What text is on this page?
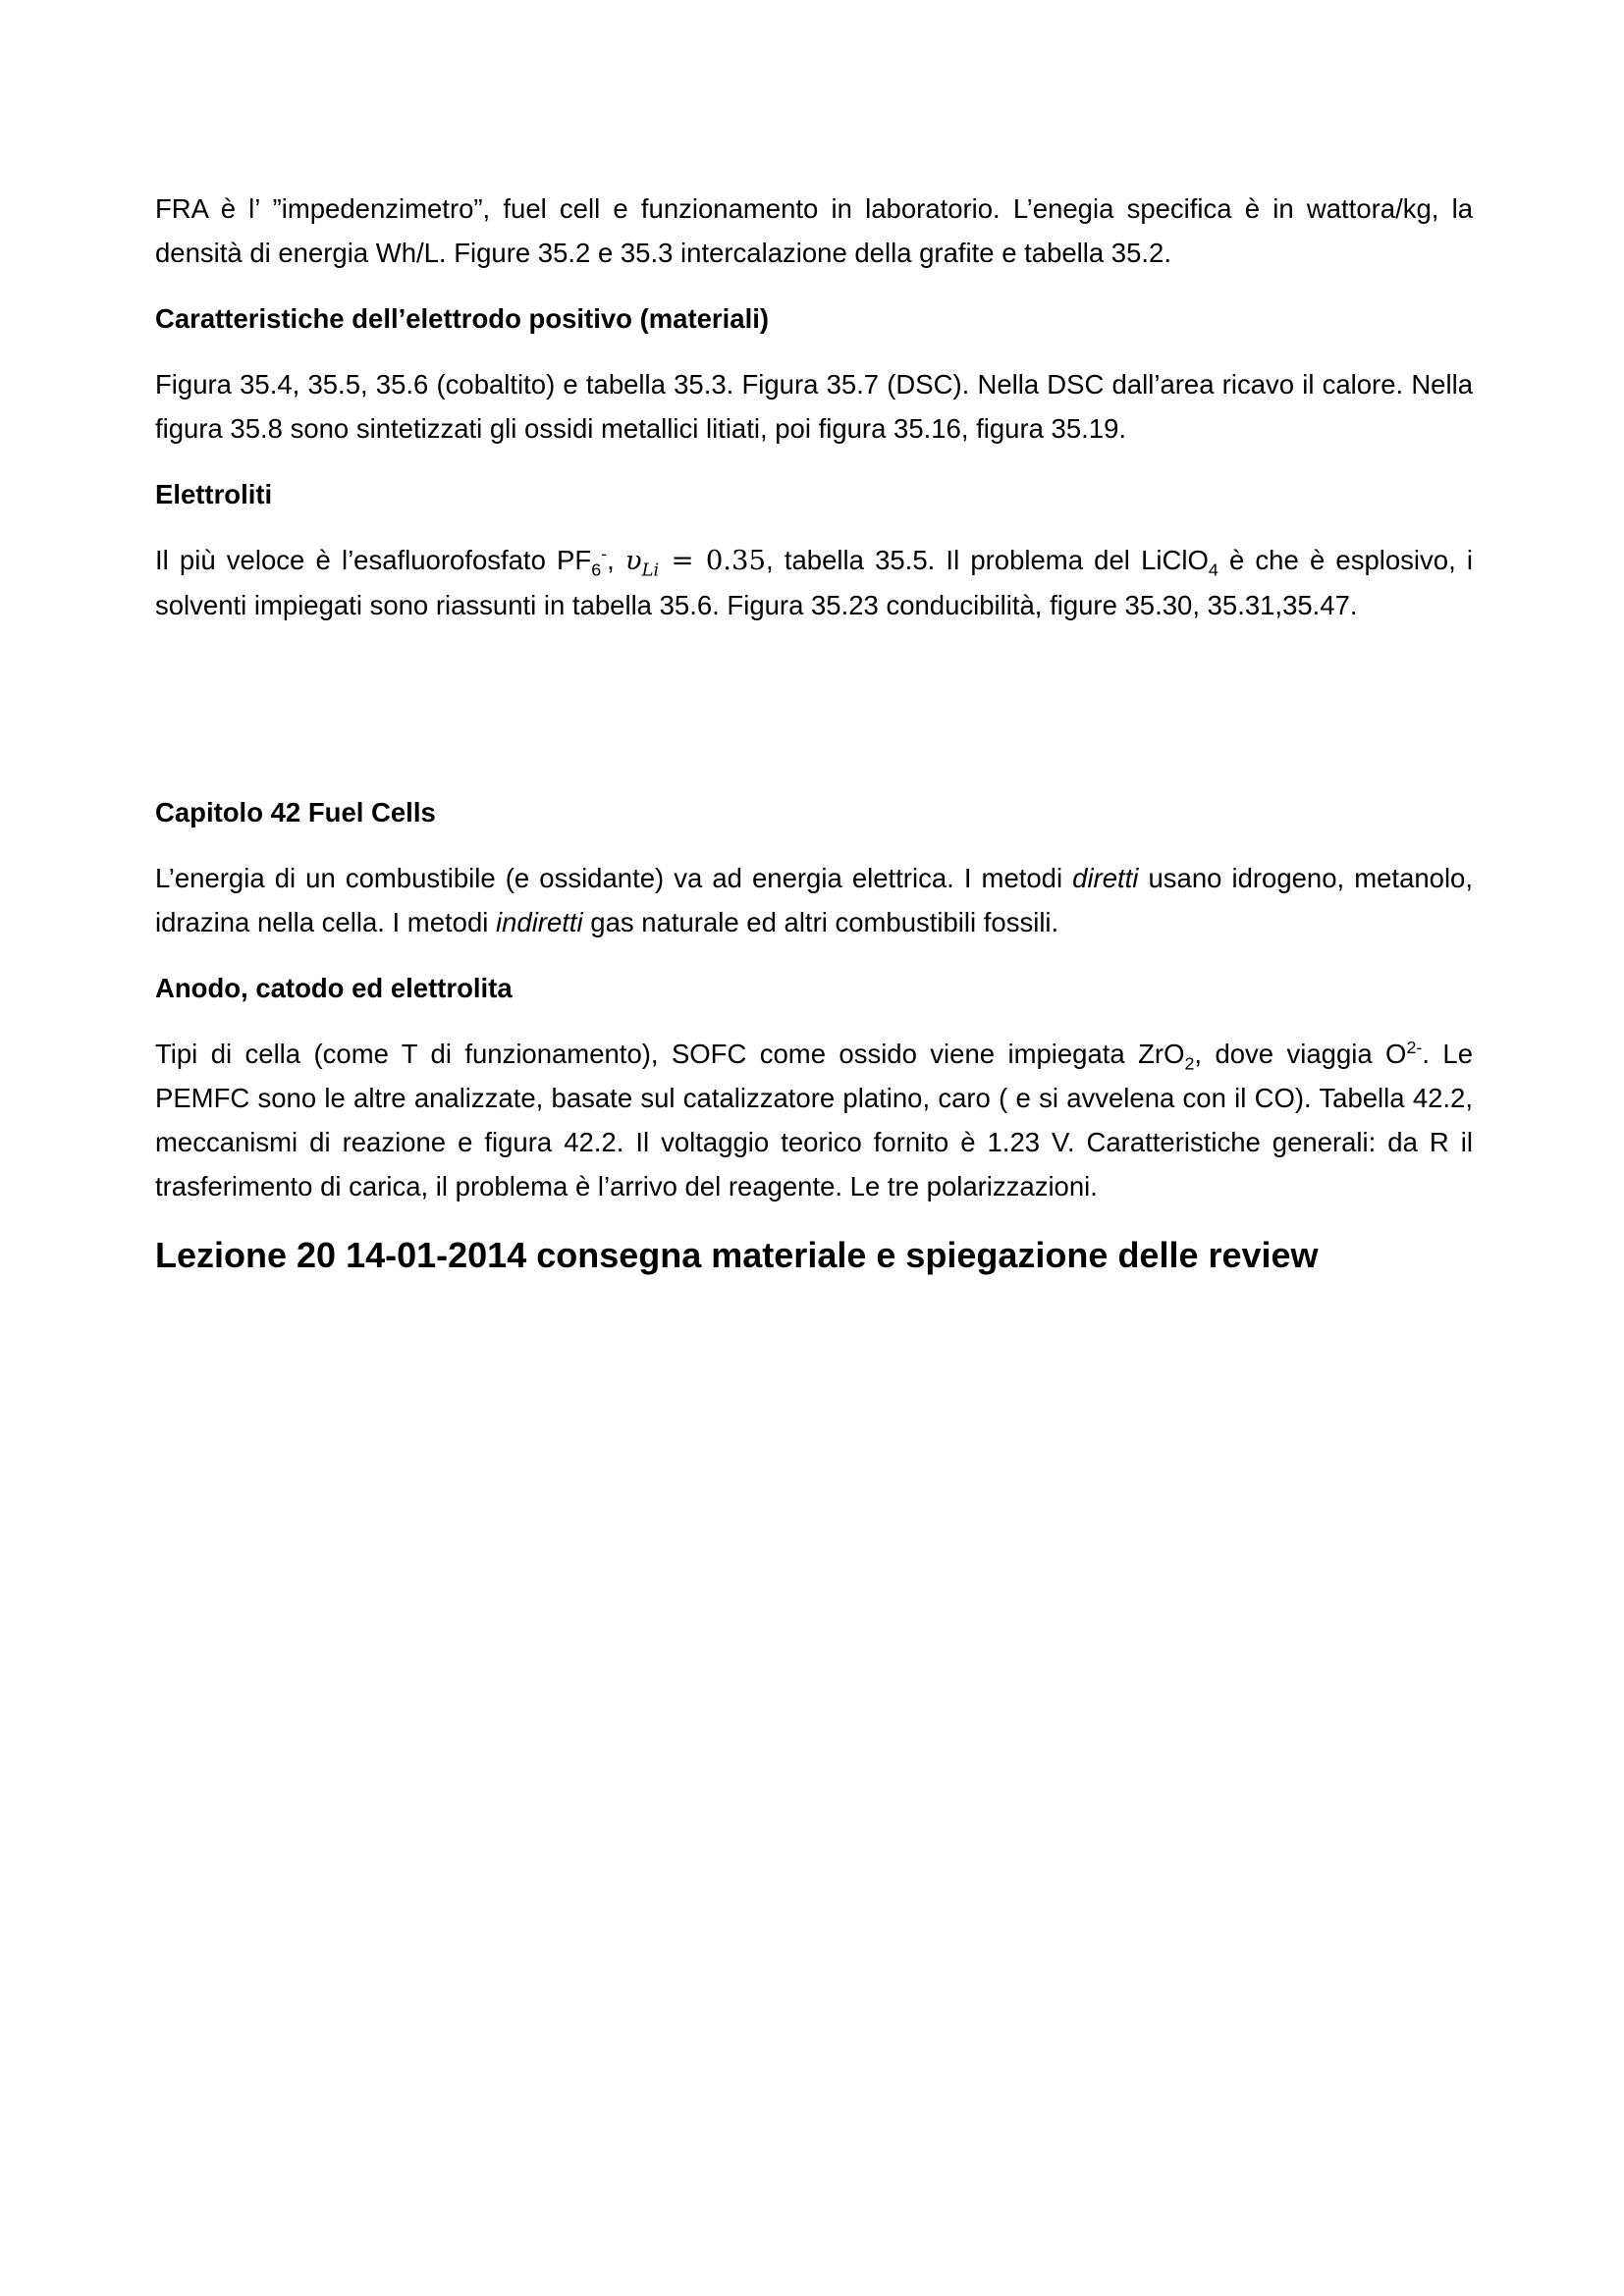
FRA è l’ ”impedenzimetro”, fuel cell e funzionamento in laboratorio. L’enegia specifica è in wattora/kg, la densità di energia Wh/L. Figure 35.2 e 35.3 intercalazione della grafite e tabella 35.2.

Caratteristiche dell’elettrodo positivo (materiali)

Figura 35.4, 35.5, 35.6 (cobaltito) e tabella 35.3. Figura 35.7 (DSC). Nella DSC dall’area ricavo il calore. Nella figura 35.8 sono sintetizzati gli ossidi metallici litiati, poi figura 35.16, figura 35.19.

Elettroliti

Il più veloce è l’esafluorofosfato $PF_6^-$, $\upsilon_{Li} = 0.35$, tabella 35.5. Il problema del LiClO$_4$ è che è esplosivo, i solventi impiegati sono riassunti in tabella 35.6. Figura 35.23 conducibilità, figure 35.30, 35.31,35.47.

Capitolo 42 Fuel Cells

L’energia di un combustibile (e ossidante) va ad energia elettrica. I metodi diretti usano idrogeno, metanolo, idrazina nella cella. I metodi indiretti gas naturale ed altri combustibili fossili.

Anodo, catodo ed elettrolita

Tipi di cella (come T di funzionamento), SOFC come ossido viene impiegata ZrO$_2$, dove viaggia $O^{2-}$. Le PEMFC sono le altre analizzate, basate sul catalizzatore platino, caro ( e si avvelena con il CO). Tabella 42.2, meccanismi di reazione e figura 42.2. Il voltaggio teorico fornito è 1.23 V. Caratteristiche generali: da R il trasferimento di carica, il problema è l’arrivo del reagente. Le tre polarizzazioni.

Lezione 20 14-01-2014 consegna materiale e spiegazione delle review
